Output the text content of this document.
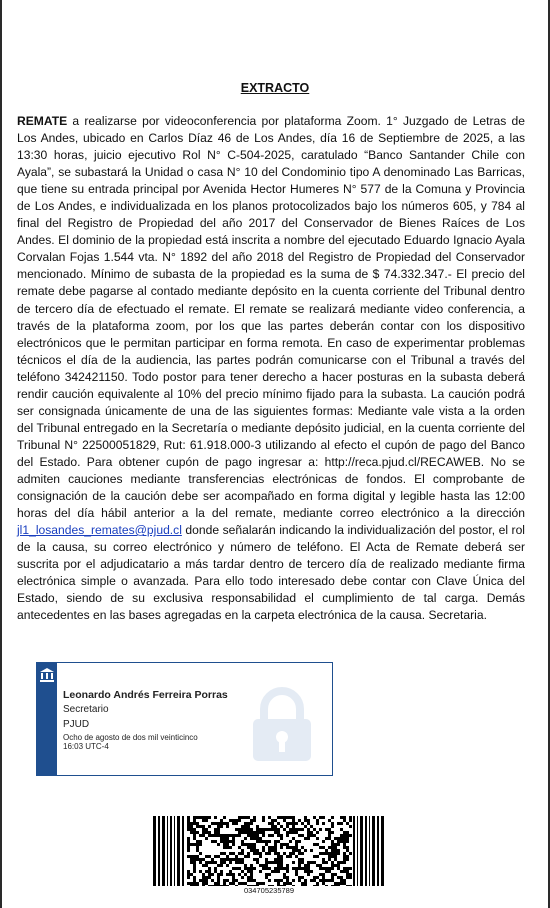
EXTRACTO
REMATE a realizarse por videoconferencia por plataforma Zoom. 1° Juzgado de Letras de Los Andes, ubicado en Carlos Díaz 46 de Los Andes, día 16 de Septiembre de 2025, a las 13:30 horas, juicio ejecutivo Rol N° C-504-2025, caratulado “Banco Santander Chile con Ayala”, se subastará la Unidad o casa N° 10 del Condominio tipo A denominado Las Barricas, que tiene su entrada principal por Avenida Hector Humeres N° 577 de la Comuna y Provincia de Los Andes, e individualizada en los planos protocolizados bajo los números 605, y 784 al final del Registro de Propiedad del año 2017 del Conservador de Bienes Raíces de Los Andes. El dominio de la propiedad está inscrita a nombre del ejecutado Eduardo Ignacio Ayala Corvalan Fojas 1.544 vta. N° 1892 del año 2018 del Registro de Propiedad del Conservador mencionado. Mínimo de subasta de la propiedad es la suma de $ 74.332.347.- El precio del remate debe pagarse al contado mediante depósito en la cuenta corriente del Tribunal dentro de tercero día de efectuado el remate. El remate se realizará mediante video conferencia, a través de la plataforma zoom, por los que las partes deberán contar con los dispositivo electrónicos que le permitan participar en forma remota. En caso de experimentar problemas técnicos el día de la audiencia, las partes podrán comunicarse con el Tribunal a través del teléfono 342421150. Todo postor para tener derecho a hacer posturas en la subasta deberá rendir caución equivalente al 10% del precio mínimo fijado para la subasta. La caución podrá ser consignada únicamente de una de las siguientes formas: Mediante vale vista a la orden del Tribunal entregado en la Secretaría o mediante depósito judicial, en la cuenta corriente del Tribunal N° 22500051829, Rut: 61.918.000-3 utilizando al efecto el cupón de pago del Banco del Estado. Para obtener cupón de pago ingresar a: http://reca.pjud.cl/RECAWEB. No se admiten cauciones mediante transferencias electrónicas de fondos. El comprobante de consignación de la caución debe ser acompañado en forma digital y legible hasta las 12:00 horas del día hábil anterior a la del remate, mediante correo electrónico a la dirección jl1_losandes_remates@pjud.cl donde señalarán indicando la individualización del postor, el rol de la causa, su correo electrónico y número de teléfono. El Acta de Remate deberá ser suscrita por el adjudicatario a más tardar dentro de tercero día de realizado mediante firma electrónica simple o avanzada. Para ello todo interesado debe contar con Clave Única del Estado, siendo de su exclusiva responsabilidad el cumplimiento de tal carga. Demás antecedentes en las bases agregadas en la carpeta electrónica de la causa. Secretaria.
Leonardo Andrés Ferreira Porras
Secretario
PJUD
Ocho de agosto de dos mil veinticinco
16:03 UTC-4
034705235789
